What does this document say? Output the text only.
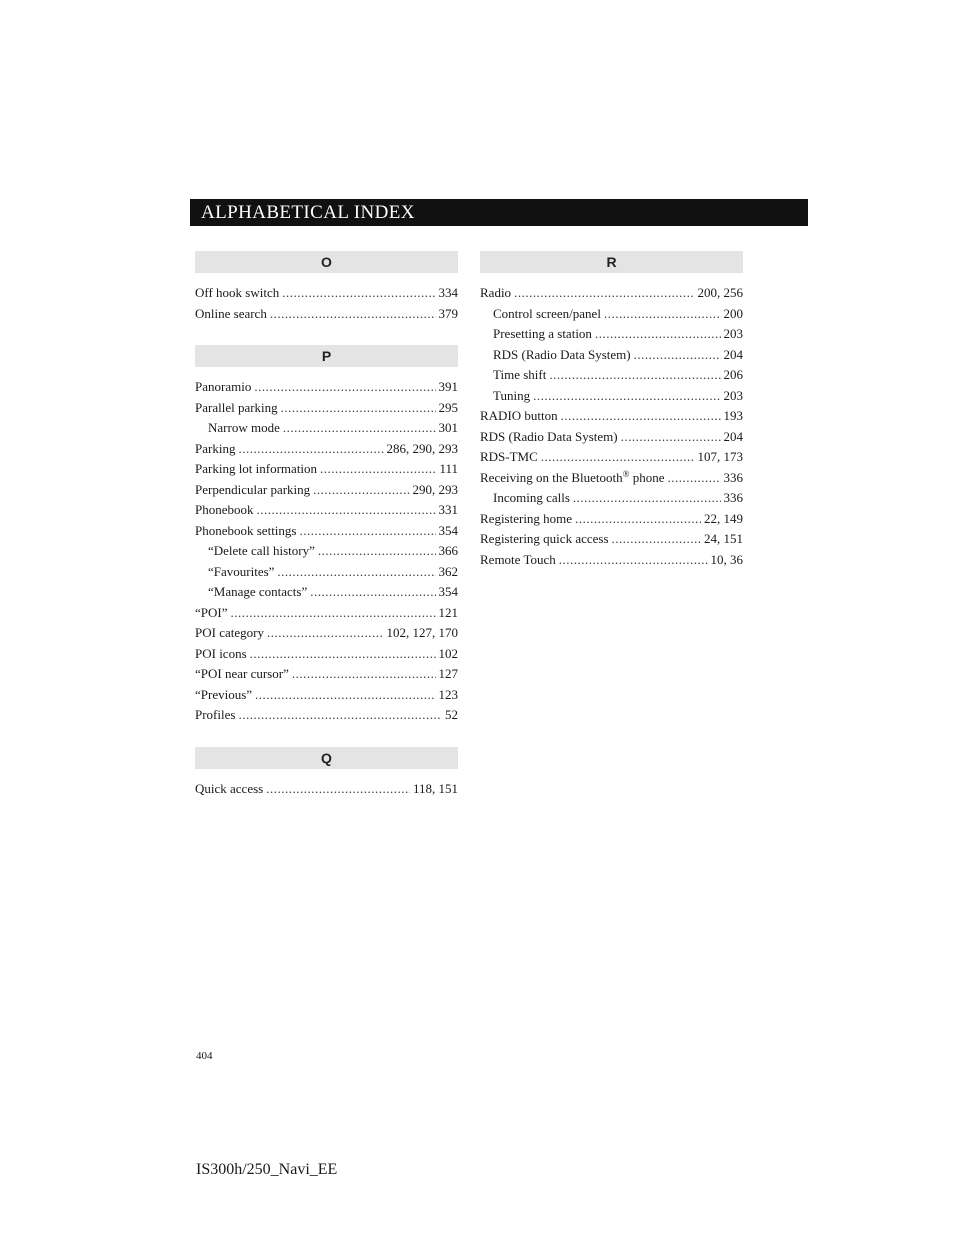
ALPHABETICAL INDEX
O
Off hook switch .....	334
Online search .....	379
P
Panoramio .....	391
Parallel parking .....	295
Narrow mode .....	301
Parking .....	286, 290, 293
Parking lot information .....	111
Perpendicular parking .....	290, 293
Phonebook .....	331
Phonebook settings .....	354
“Delete call history” .....	366
“Favourites” .....	362
“Manage contacts” .....	354
“POI” .....	121
POI category .....	102, 127, 170
POI icons .....	102
“POI near cursor” .....	127
“Previous” .....	123
Profiles .....	52
Q
Quick access .....	118, 151
R
Radio .....	200, 256
Control screen/panel .....	200
Presetting a station .....	203
RDS (Radio Data System) .....	204
Time shift .....	206
Tuning .....	203
RADIO button .....	193
RDS (Radio Data System) .....	204
RDS-TMC .....	107, 173
Receiving on the Bluetooth® phone .....	336
Incoming calls .....	336
Registering home .....	22, 149
Registering quick access .....	24, 151
Remote Touch .....	10, 36
404
IS300h/250_Navi_EE
